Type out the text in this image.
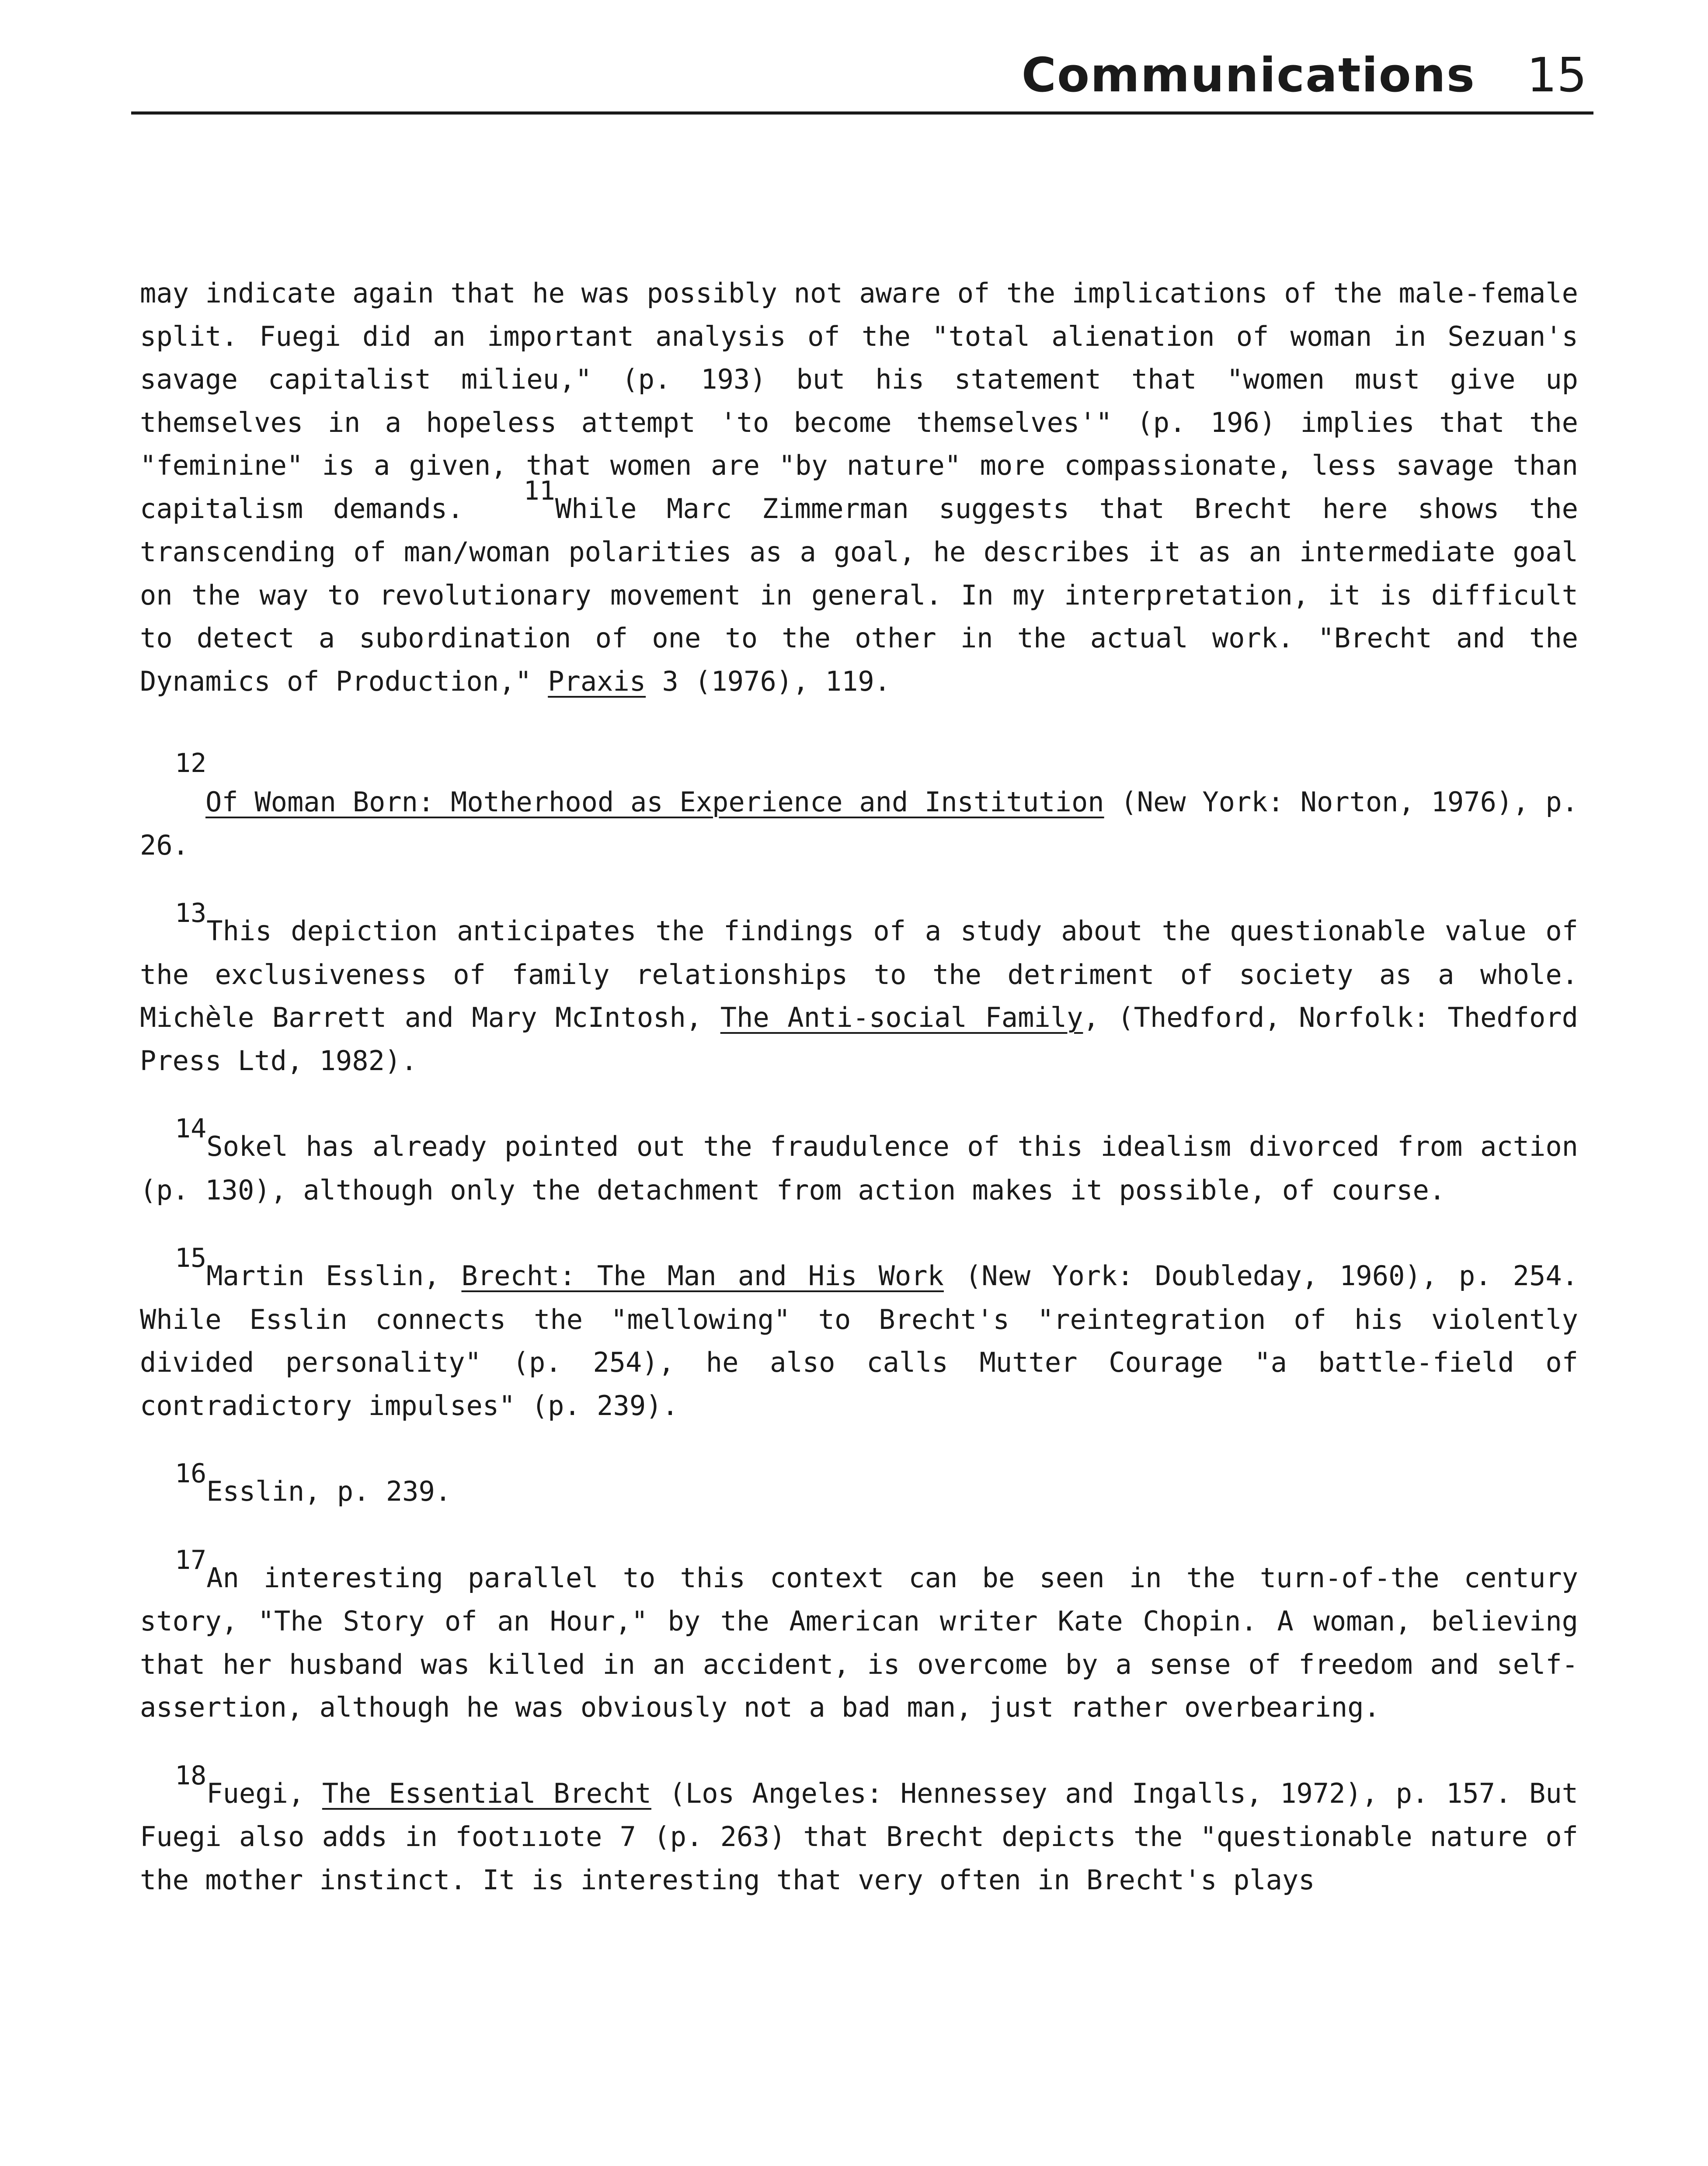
Communications 15

may indicate again that he was possibly not aware of the implications of the male-female split. Fuegi did an important analysis of the "total alienation of woman in Sezuan's savage capitalist milieu," (p. 193) but his statement that "women must give up themselves in a hopeless attempt 'to become themselves'" (p. 196) implies that the "feminine" is a given, that women are "by nature" more compassionate, less savage than capitalism demands.  11While Marc Zimmerman suggests that Brecht here shows the transcending of man/woman polarities as a goal, he describes it as an intermediate goal on the way to revolutionary movement in general. In my interpretation, it is difficult to detect a subordination of one to the other in the actual work. "Brecht and the Dynamics of Production," Praxis 3 (1976), 119.

12
Of Woman Born: Motherhood as Experience and Institution (New York: Norton, 1976), p. 26.

13This depiction anticipates the findings of a study about the questionable value of the exclusiveness of family relationships to the detriment of society as a whole. Michèle Barrett and Mary McIntosh, The Anti-social Family, (Thedford, Norfolk: Thedford Press Ltd, 1982).

14Sokel has already pointed out the fraudulence of this idealism divorced from action (p. 130), although only the detachment from action makes it possible, of course.

15Martin Esslin, Brecht: The Man and His Work (New York: Doubleday, 1960), p. 254. While Esslin connects the "mellowing" to Brecht's "reintegration of his violently divided personality" (p. 254), he also calls Mutter Courage "a battle-field of contradictory impulses" (p. 239).

16Esslin, p. 239.

17An interesting parallel to this context can be seen in the turn-of-the century story, "The Story of an Hour," by the American writer Kate Chopin. A woman, believing that her husband was killed in an accident, is overcome by a sense of freedom and self-assertion, although he was obviously not a bad man, just rather overbearing.

18Fuegi, The Essential Brecht (Los Angeles: Hennessey and Ingalls, 1972), p. 157. But Fuegi also adds in footııote 7 (p. 263) that Brecht depicts the "questionable nature of the mother instinct. It is interesting that very often in Brecht's plays
